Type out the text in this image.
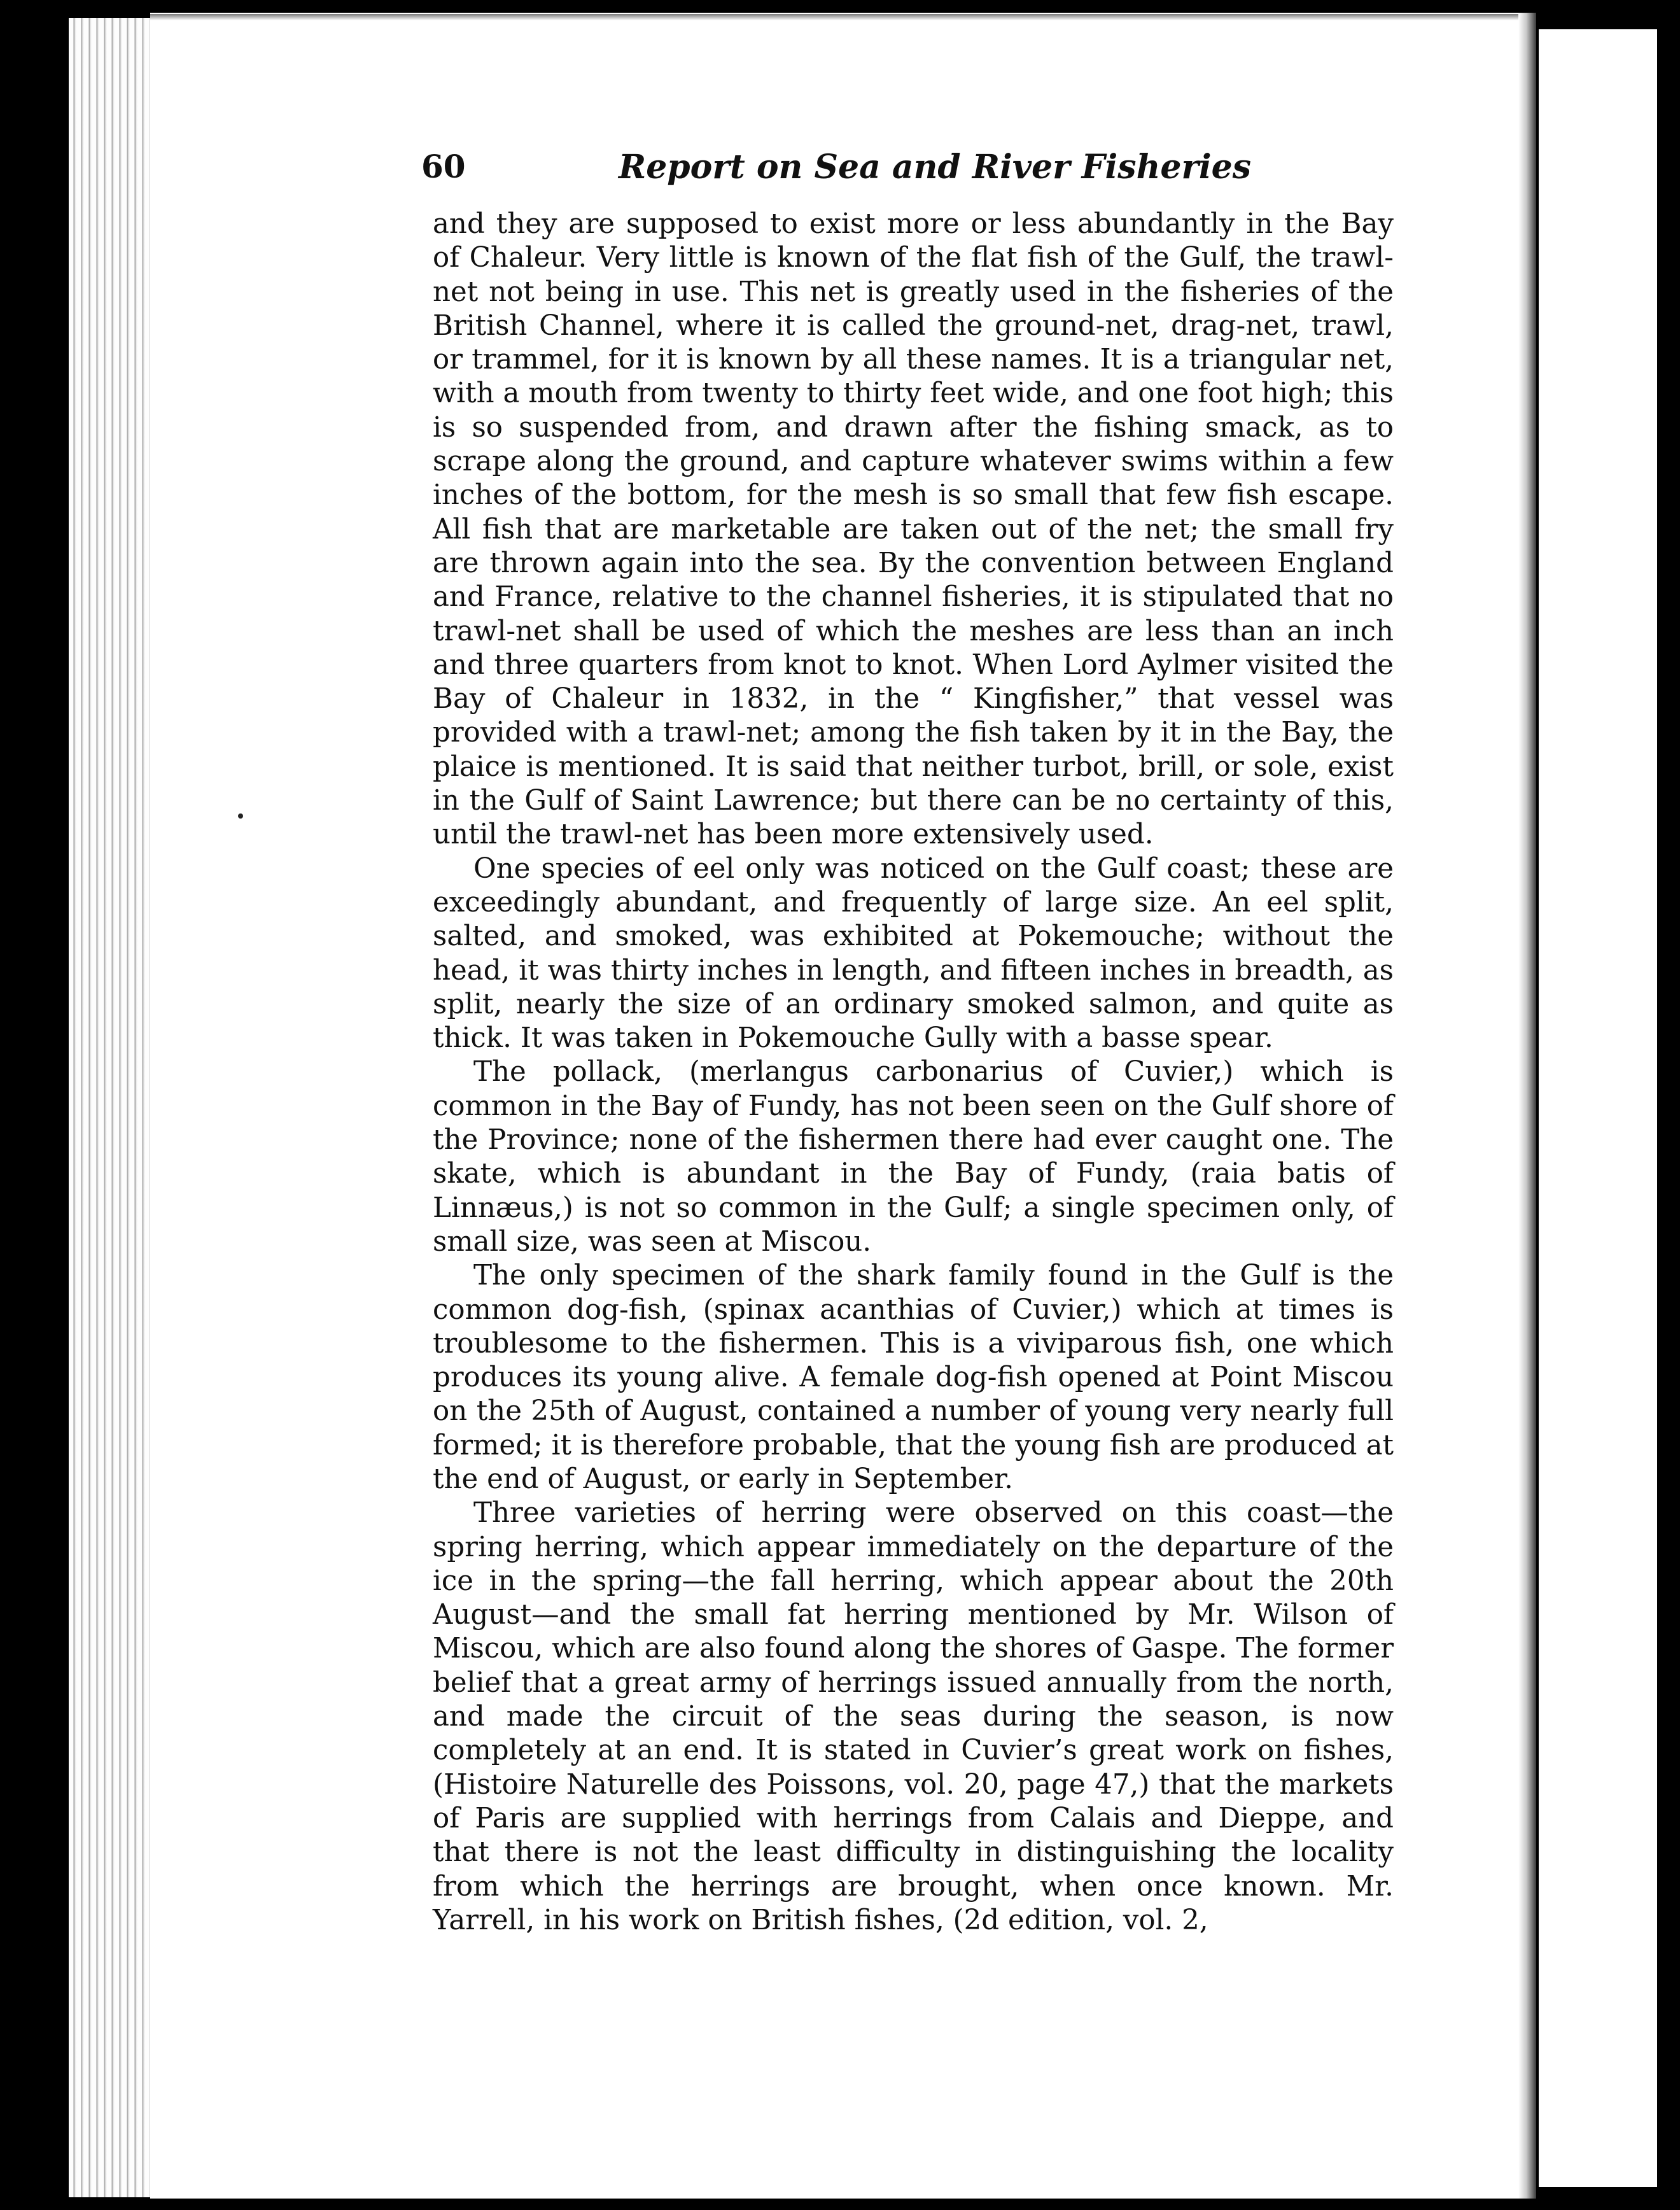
60	Report on Sea and River Fisheries

and they are supposed to exist more or less abundantly in the Bay of Chaleur. Very little is known of the flat fish of the Gulf, the trawl-net not being in use. This net is greatly used in the fisheries of the British Channel, where it is called the ground-net, drag-net, trawl, or trammel, for it is known by all these names. It is a triangular net, with a mouth from twenty to thirty feet wide, and one foot high; this is so suspended from, and drawn after the fishing smack, as to scrape along the ground, and capture whatever swims within a few inches of the bottom, for the mesh is so small that few fish escape. All fish that are marketable are taken out of the net; the small fry are thrown again into the sea. By the convention between England and France, relative to the channel fisheries, it is stipulated that no trawl-net shall be used of which the meshes are less than an inch and three quarters from knot to knot. When Lord Aylmer visited the Bay of Chaleur in 1832, in the “ Kingfisher,” that vessel was provided with a trawl-net; among the fish taken by it in the Bay, the plaice is mentioned. It is said that neither turbot, brill, or sole, exist in the Gulf of Saint Lawrence; but there can be no certainty of this, until the trawl-net has been more extensively used.

One species of eel only was noticed on the Gulf coast; these are exceedingly abundant, and frequently of large size. An eel split, salted, and smoked, was exhibited at Pokemouche; without the head, it was thirty inches in length, and fifteen inches in breadth, as split, nearly the size of an ordinary smoked salmon, and quite as thick. It was taken in Pokemouche Gully with a basse spear.

The pollack, (merlangus carbonarius of Cuvier,) which is common in the Bay of Fundy, has not been seen on the Gulf shore of the Province; none of the fishermen there had ever caught one. The skate, which is abundant in the Bay of Fundy, (raia batis of Linnæus,) is not so common in the Gulf; a single specimen only, of small size, was seen at Miscou.

The only specimen of the shark family found in the Gulf is the common dog-fish, (spinax acanthias of Cuvier,) which at times is troublesome to the fishermen. This is a viviparous fish, one which produces its young alive. A female dog-fish opened at Point Miscou on the 25th of August, contained a number of young very nearly full formed; it is therefore probable, that the young fish are produced at the end of August, or early in September.

Three varieties of herring were observed on this coast—the spring herring, which appear immediately on the departure of the ice in the spring—the fall herring, which appear about the 20th August—and the small fat herring mentioned by Mr. Wilson of Miscou, which are also found along the shores of Gaspe. The former belief that a great army of herrings issued annually from the north, and made the circuit of the seas during the season, is now completely at an end. It is stated in Cuvier’s great work on fishes, (Histoire Naturelle des Poissons, vol. 20, page 47,) that the markets of Paris are supplied with herrings from Calais and Dieppe, and that there is not the least difficulty in distinguishing the locality from which the herrings are brought, when once known. Mr. Yarrell, in his work on British fishes, (2d edition, vol. 2,
